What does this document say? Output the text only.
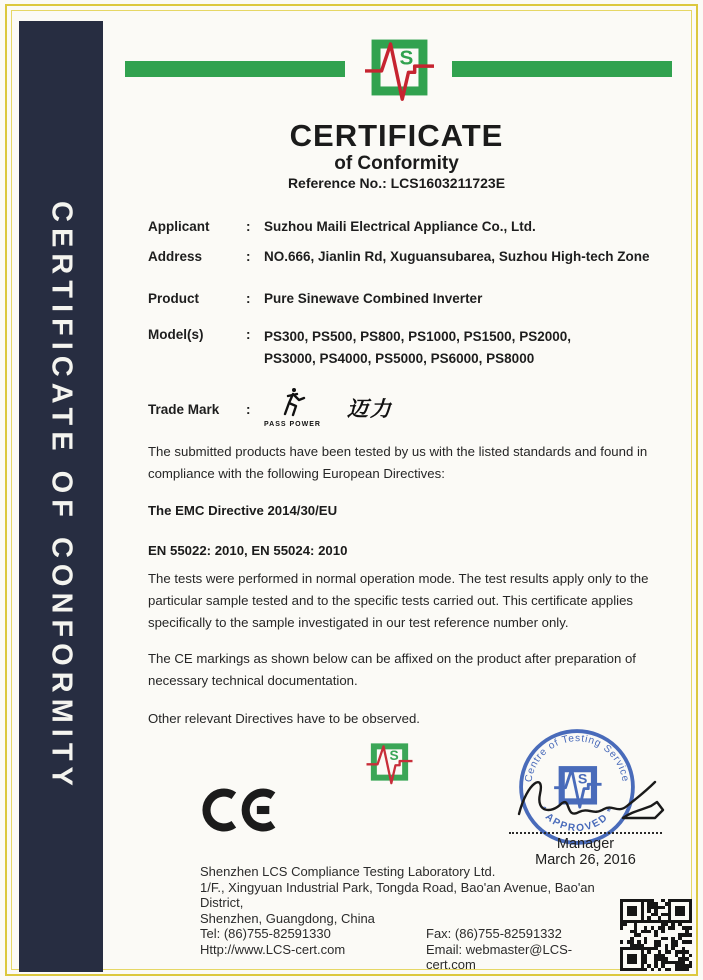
CERTIFICATE OF CONFORMITY
S
CERTIFICATE
of Conformity
Reference No.: LCS1603211723E
Applicant	:	Suzhou Maili Electrical Appliance Co., Ltd.
Address	:	NO.666, Jianlin Rd, Xuguansubarea, Suzhou High-tech Zone
Product	:	Pure Sinewave Combined Inverter
Model(s)	:	PS300, PS500, PS800, PS1000, PS1500, PS2000,
PS3000, PS4000, PS5000, PS6000, PS8000
Trade Mark	:
PASS POWER
迈力
The submitted products have been tested by us with the listed standards and found in compliance with the following European Directives:
The EMC Directive 2014/30/EU
EN 55022: 2010, EN 55024: 2010
The tests were performed in normal operation mode. The test results apply only to the particular sample tested and to the specific tests carried out. This certificate applies specifically to the sample investigated in our test reference number only.
The CE markings as shown below can be affixed on the product after preparation of necessary technical documentation.
Other relevant Directives have to be observed.
S
Centre of Testing Service
* APPROVED *
S
Manager
March 26, 2016
Shenzhen LCS Compliance Testing Laboratory Ltd.
1/F., Xingyuan Industrial Park, Tongda Road, Bao'an Avenue, Bao'an District,
Shenzhen, Guangdong, China
Tel: (86)755-82591330	Fax: (86)755-82591332
Http://www.LCS-cert.com	Email: webmaster@LCS-cert.com
